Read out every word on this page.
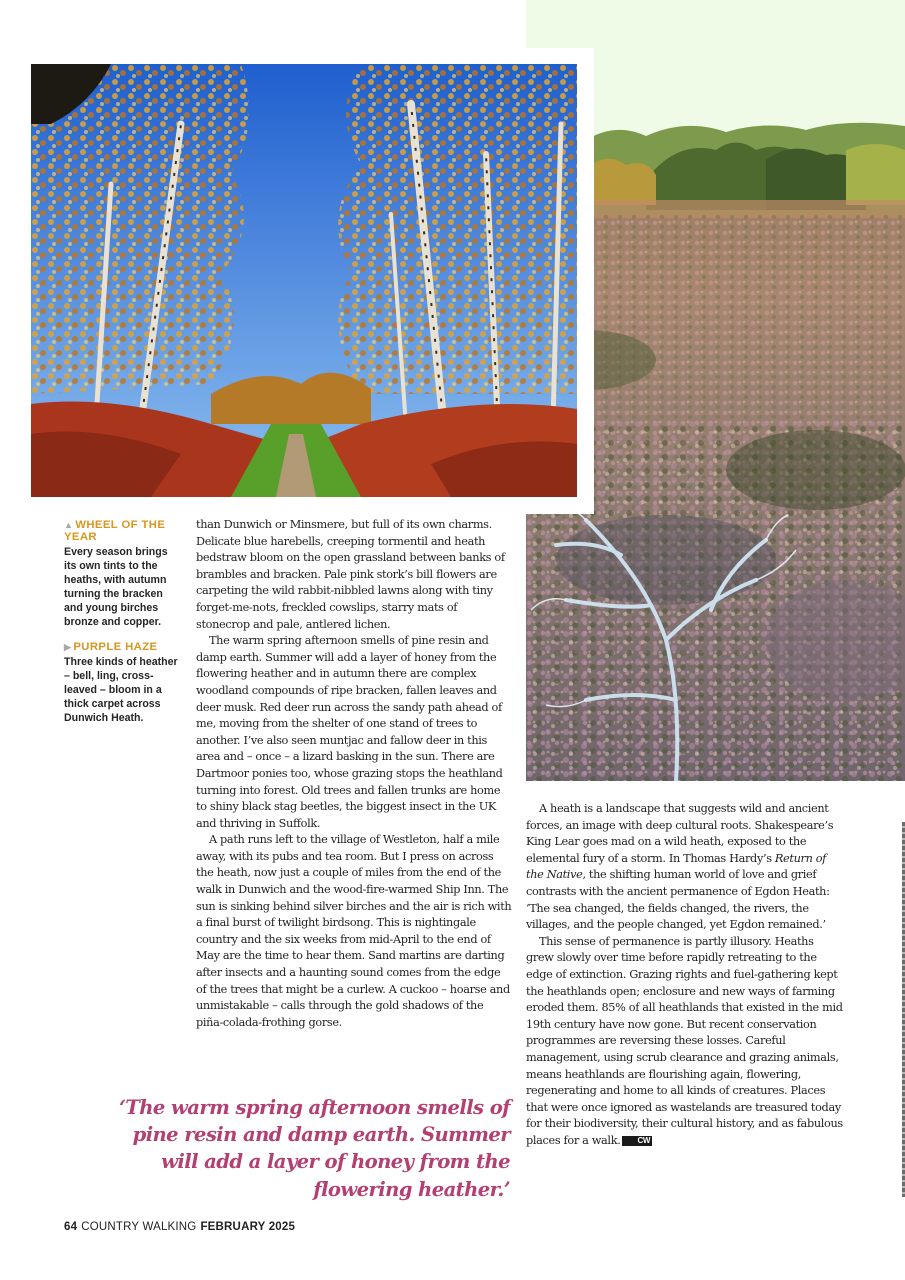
▲ WHEEL OF THE YEAR
Every season brings its own tints to the heaths, with autumn turning the bracken and young birches bronze and copper.
▶ PURPLE HAZE
Three kinds of heather – bell, ling, cross-leaved – bloom in a thick carpet across Dunwich Heath.

than Dunwich or Minsmere, but full of its own charms. Delicate blue harebells, creeping tormentil and heath bedstraw bloom on the open grassland between banks of brambles and bracken. Pale pink stork’s bill flowers are carpeting the wild rabbit-nibbled lawns along with tiny forget-me-nots, freckled cowslips, starry mats of stonecrop and pale, antlered lichen.

The warm spring afternoon smells of pine resin and damp earth. Summer will add a layer of honey from the flowering heather and in autumn there are complex woodland compounds of ripe bracken, fallen leaves and deer musk. Red deer run across the sandy path ahead of me, moving from the shelter of one stand of trees to another. I’ve also seen muntjac and fallow deer in this area and – once – a lizard basking in the sun. There are Dartmoor ponies too, whose grazing stops the heathland turning into forest. Old trees and fallen trunks are home to shiny black stag beetles, the biggest insect in the UK and thriving in Suffolk.

A path runs left to the village of Westleton, half a mile away, with its pubs and tea room. But I press on across the heath, now just a couple of miles from the end of the walk in Dunwich and the wood-fire-warmed Ship Inn. The sun is sinking behind silver birches and the air is rich with a final burst of twilight birdsong. This is nightingale country and the six weeks from mid-April to the end of May are the time to hear them. Sand martins are darting after insects and a haunting sound comes from the edge of the trees that might be a curlew. A cuckoo – hoarse and unmistakable – calls through the gold shadows of the piña-colada-frothing gorse.

A heath is a landscape that suggests wild and ancient forces, an image with deep cultural roots. Shakespeare’s King Lear goes mad on a wild heath, exposed to the elemental fury of a storm. In Thomas Hardy’s Return of the Native, the shifting human world of love and grief contrasts with the ancient permanence of Egdon Heath: ‘The sea changed, the fields changed, the rivers, the villages, and the people changed, yet Egdon remained.’

This sense of permanence is partly illusory. Heaths grew slowly over time before rapidly retreating to the edge of extinction. Grazing rights and fuel-gathering kept the heathlands open; enclosure and new ways of farming eroded them. 85% of all heathlands that existed in the mid 19th century have now gone. But recent conservation programmes are reversing these losses. Careful management, using scrub clearance and grazing animals, means heathlands are flourishing again, flowering, regenerating and home to all kinds of creatures. Places that were once ignored as wastelands are treasured today for their biodiversity, their cultural history, and as fabulous places for a walk. CW

‘The warm spring afternoon smells of pine resin and damp earth. Summer will add a layer of honey from the flowering heather.’
64 COUNTRY WALKING FEBRUARY 2025
